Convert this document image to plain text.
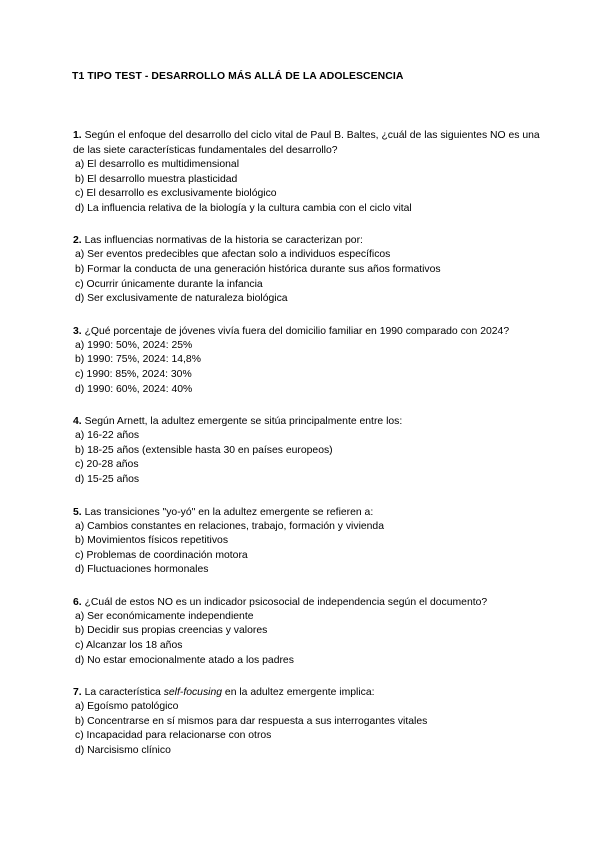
T1 TIPO TEST - DESARROLLO MÁS ALLÁ DE LA ADOLESCENCIA

1. Según el enfoque del desarrollo del ciclo vital de Paul B. Baltes, ¿cuál de las siguientes NO es una de las siete características fundamentales del desarrollo?

a) El desarrollo es multidimensional

b) El desarrollo muestra plasticidad

c) El desarrollo es exclusivamente biológico

d) La influencia relativa de la biología y la cultura cambia con el ciclo vital

2. Las influencias normativas de la historia se caracterizan por:

a) Ser eventos predecibles que afectan solo a individuos específicos

b) Formar la conducta de una generación histórica durante sus años formativos

c) Ocurrir únicamente durante la infancia

d) Ser exclusivamente de naturaleza biológica

3. ¿Qué porcentaje de jóvenes vivía fuera del domicilio familiar en 1990 comparado con 2024?

a) 1990: 50%, 2024: 25%

b) 1990: 75%, 2024: 14,8%

c) 1990: 85%, 2024: 30%

d) 1990: 60%, 2024: 40%

4. Según Arnett, la adultez emergente se sitúa principalmente entre los:

a) 16-22 años

b) 18-25 años (extensible hasta 30 en países europeos)

c) 20-28 años

d) 15-25 años

5. Las transiciones "yo-yó" en la adultez emergente se refieren a:

a) Cambios constantes en relaciones, trabajo, formación y vivienda

b) Movimientos físicos repetitivos

c) Problemas de coordinación motora

d) Fluctuaciones hormonales

6. ¿Cuál de estos NO es un indicador psicosocial de independencia según el documento?

a) Ser económicamente independiente

b) Decidir sus propias creencias y valores

c) Alcanzar los 18 años

d) No estar emocionalmente atado a los padres

7. La característica self-focusing en la adultez emergente implica:

a) Egoísmo patológico

b) Concentrarse en sí mismos para dar respuesta a sus interrogantes vitales

c) Incapacidad para relacionarse con otros

d) Narcisismo clínico
